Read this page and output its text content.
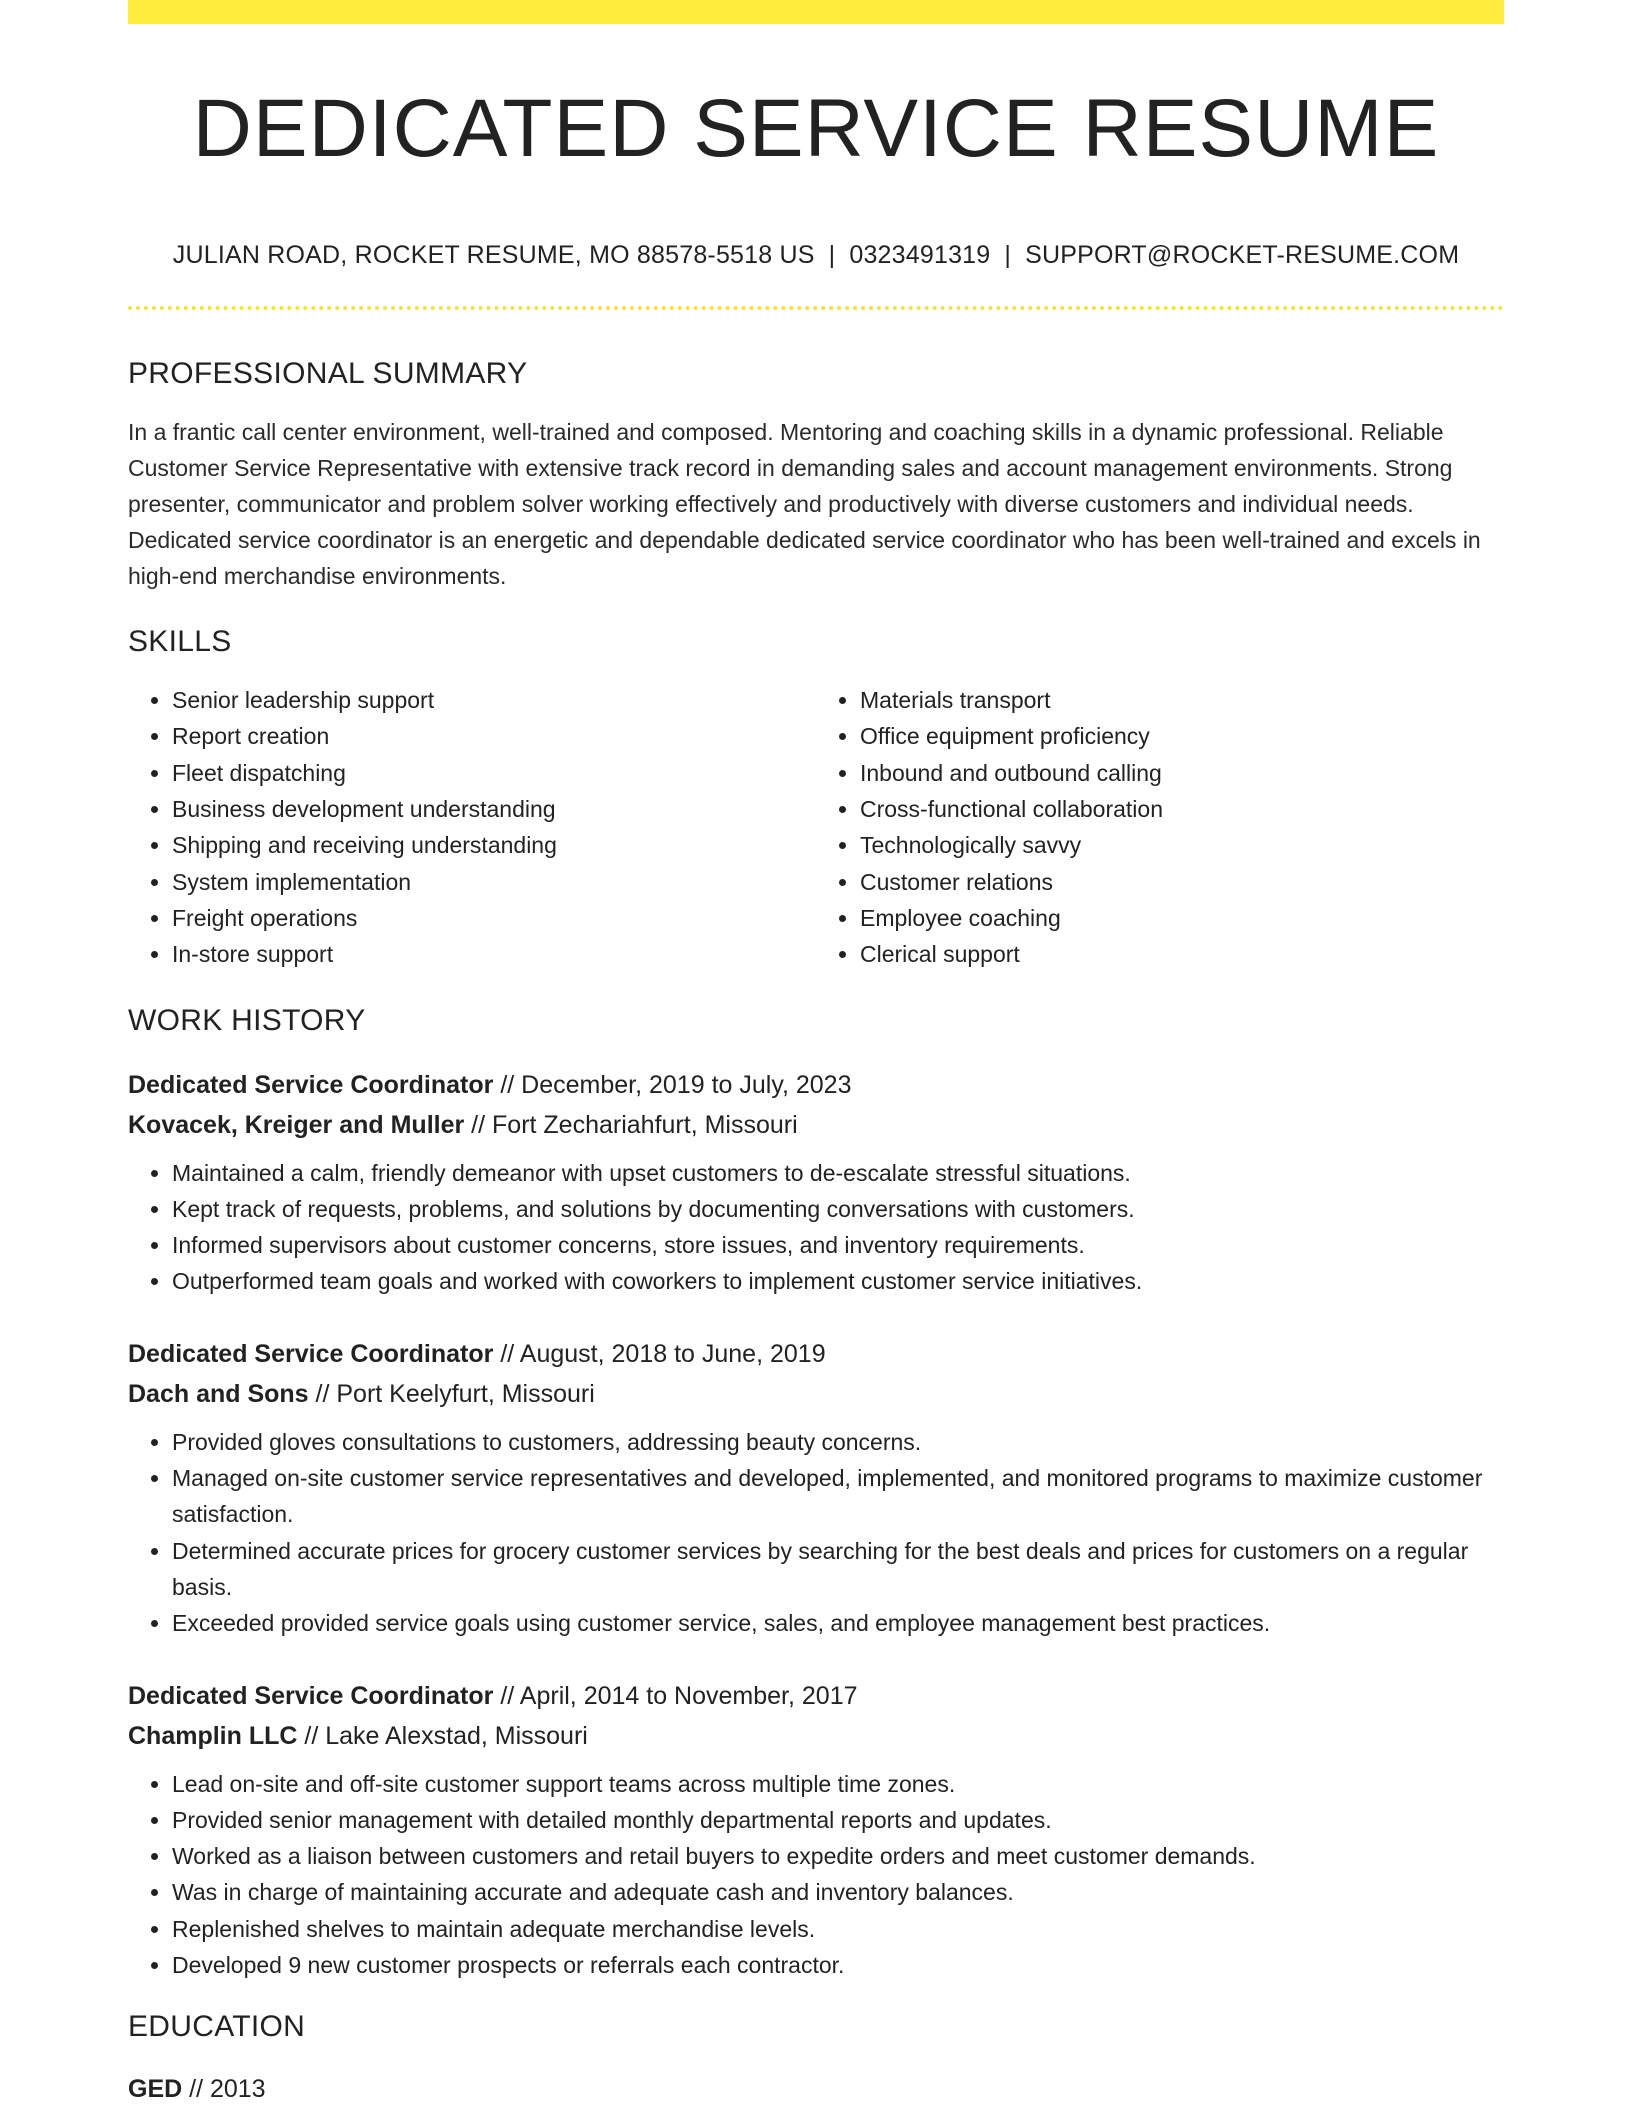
DEDICATED SERVICE RESUME
JULIAN ROAD, ROCKET RESUME, MO 88578-5518 US | 0323491319 | SUPPORT@ROCKET-RESUME.COM
PROFESSIONAL SUMMARY
In a frantic call center environment, well-trained and composed. Mentoring and coaching skills in a dynamic professional. Reliable Customer Service Representative with extensive track record in demanding sales and account management environments. Strong presenter, communicator and problem solver working effectively and productively with diverse customers and individual needs. Dedicated service coordinator is an energetic and dependable dedicated service coordinator who has been well-trained and excels in high-end merchandise environments.
SKILLS
• Senior leadership support
• Report creation
• Fleet dispatching
• Business development understanding
• Shipping and receiving understanding
• System implementation
• Freight operations
• In-store support
• Materials transport
• Office equipment proficiency
• Inbound and outbound calling
• Cross-functional collaboration
• Technologically savvy
• Customer relations
• Employee coaching
• Clerical support
WORK HISTORY
Dedicated Service Coordinator // December, 2019 to July, 2023
Kovacek, Kreiger and Muller // Fort Zechariahfurt, Missouri
• Maintained a calm, friendly demeanor with upset customers to de-escalate stressful situations.
• Kept track of requests, problems, and solutions by documenting conversations with customers.
• Informed supervisors about customer concerns, store issues, and inventory requirements.
• Outperformed team goals and worked with coworkers to implement customer service initiatives.
Dedicated Service Coordinator // August, 2018 to June, 2019
Dach and Sons // Port Keelyfurt, Missouri
• Provided gloves consultations to customers, addressing beauty concerns.
• Managed on-site customer service representatives and developed, implemented, and monitored programs to maximize customer satisfaction.
• Determined accurate prices for grocery customer services by searching for the best deals and prices for customers on a regular basis.
• Exceeded provided service goals using customer service, sales, and employee management best practices.
Dedicated Service Coordinator // April, 2014 to November, 2017
Champlin LLC // Lake Alexstad, Missouri
• Lead on-site and off-site customer support teams across multiple time zones.
• Provided senior management with detailed monthly departmental reports and updates.
• Worked as a liaison between customers and retail buyers to expedite orders and meet customer demands.
• Was in charge of maintaining accurate and adequate cash and inventory balances.
• Replenished shelves to maintain adequate merchandise levels.
• Developed 9 new customer prospects or referrals each contractor.
EDUCATION
GED // 2013
